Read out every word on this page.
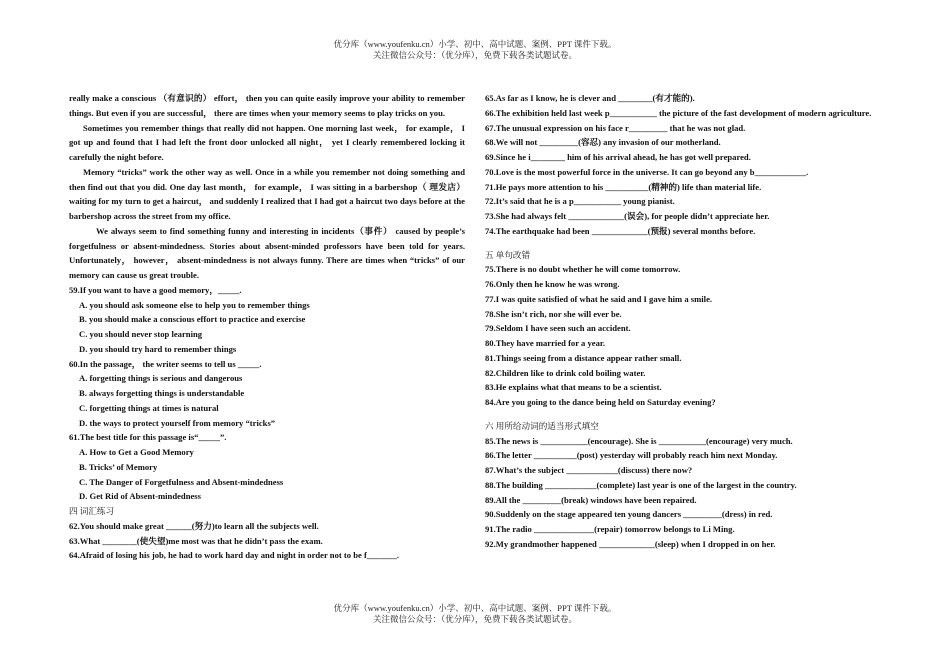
优分库（www.youfenku.cn）小学、初中、高中试题、案例、PPT 课件下载。
关注微信公众号：（优分库），免费下载各类试题试卷。

really make a conscious （有意识的） effort， then you can quite easily improve your ability to remember things. But even if you are successful， there are times when your memory seems to play tricks on you.

Sometimes you remember things that really did not happen. One morning last week， for example， I got up and found that I had left the front door unlocked all night， yet I clearly remembered locking it carefully the night before.

Memory “tricks” work the other way as well. Once in a while you remember not doing something and then find out that you did. One day last month， for example， I was sitting in a barbershop（ 理发店） waiting for my turn to get a haircut， and suddenly I realized that I had got a haircut two days before at the barbershop across the street from my office.

We always seem to find something funny and interesting in incidents（事件） caused by people’s forgetfulness or absent-mindedness. Stories about absent-minded professors have been told for years. Unfortunately， however， absent-mindedness is not always funny. There are times when “tricks” of our memory can cause us great trouble.

59.If you want to have a good memory，_____.

A. you should ask someone else to help you to remember things

B. you should make a conscious effort to practice and exercise

C. you should never stop learning

D. you should try hard to remember things

60.In the passage， the writer seems to tell us _____.

A. forgetting things is serious and dangerous

B. always forgetting things is understandable

C. forgetting things at times is natural

D. the ways to protect yourself from memory “tricks”

61.The best title for this passage is“_____”.

A. How to Get a Good Memory

B. Tricks’ of Memory

C. The Danger of Forgetfulness and Absent-mindedness

D. Get Rid of Absent-mindedness

四 词汇练习

62.You should make great ______(努力)to learn all the subjects well.

63.What ________(使失望)me most was that he didn’t pass the exam.

64.Afraid of losing his job, he had to work hard day and night in order not to be f_______.

65.As far as I know, he is clever and ________(有才能的).

66.The exhibition held last week p___________ the picture of the fast development of modern agriculture.

67.The unusual expression on his face r_________ that he was not glad.

68.We will not _________(容忍) any invasion of our motherland.

69.Since he i________ him of his arrival ahead, he has got well prepared.

70.Love is the most powerful force in the universe. It can go beyond any b____________.

71.He pays more attention to his __________(精神的) life than material life.

72.It’s said that he is a p___________ young pianist.

73.She had always felt _____________(误会), for people didn’t appreciate her.

74.The earthquake had been _____________(预报) several months before.

五 单句改错

75.There is no doubt whether he will come tomorrow.

76.Only then he know he was wrong.

77.I was quite satisfied of what he said and I gave him a smile.

78.She isn’t rich, nor she will ever be.

79.Seldom I have seen such an accident.

80.They have married for a year.

81.Things seeing from a distance appear rather small.

82.Children like to drink cold boiling water.

83.He explains what that means to be a scientist.

84.Are you going to the dance being held on Saturday evening?

六 用所给动词的适当形式填空

85.The news is ___________(encourage). She is ___________(encourage) very much.

86.The letter __________(post) yesterday will probably reach him next Monday.

87.What’s the subject ____________(discuss) there now?

88.The building ____________(complete) last year is one of the largest in the country.

89.All the _________(break) windows have been repaired.

90.Suddenly on the stage appeared ten young dancers _________(dress) in red.

91.The radio ______________(repair) tomorrow belongs to Li Ming.

92.My grandmother happened _____________(sleep) when I dropped in on her.

优分库（www.youfenku.cn）小学、初中、高中试题、案例、PPT 课件下载。
关注微信公众号：（优分库），免费下载各类试题试卷。
